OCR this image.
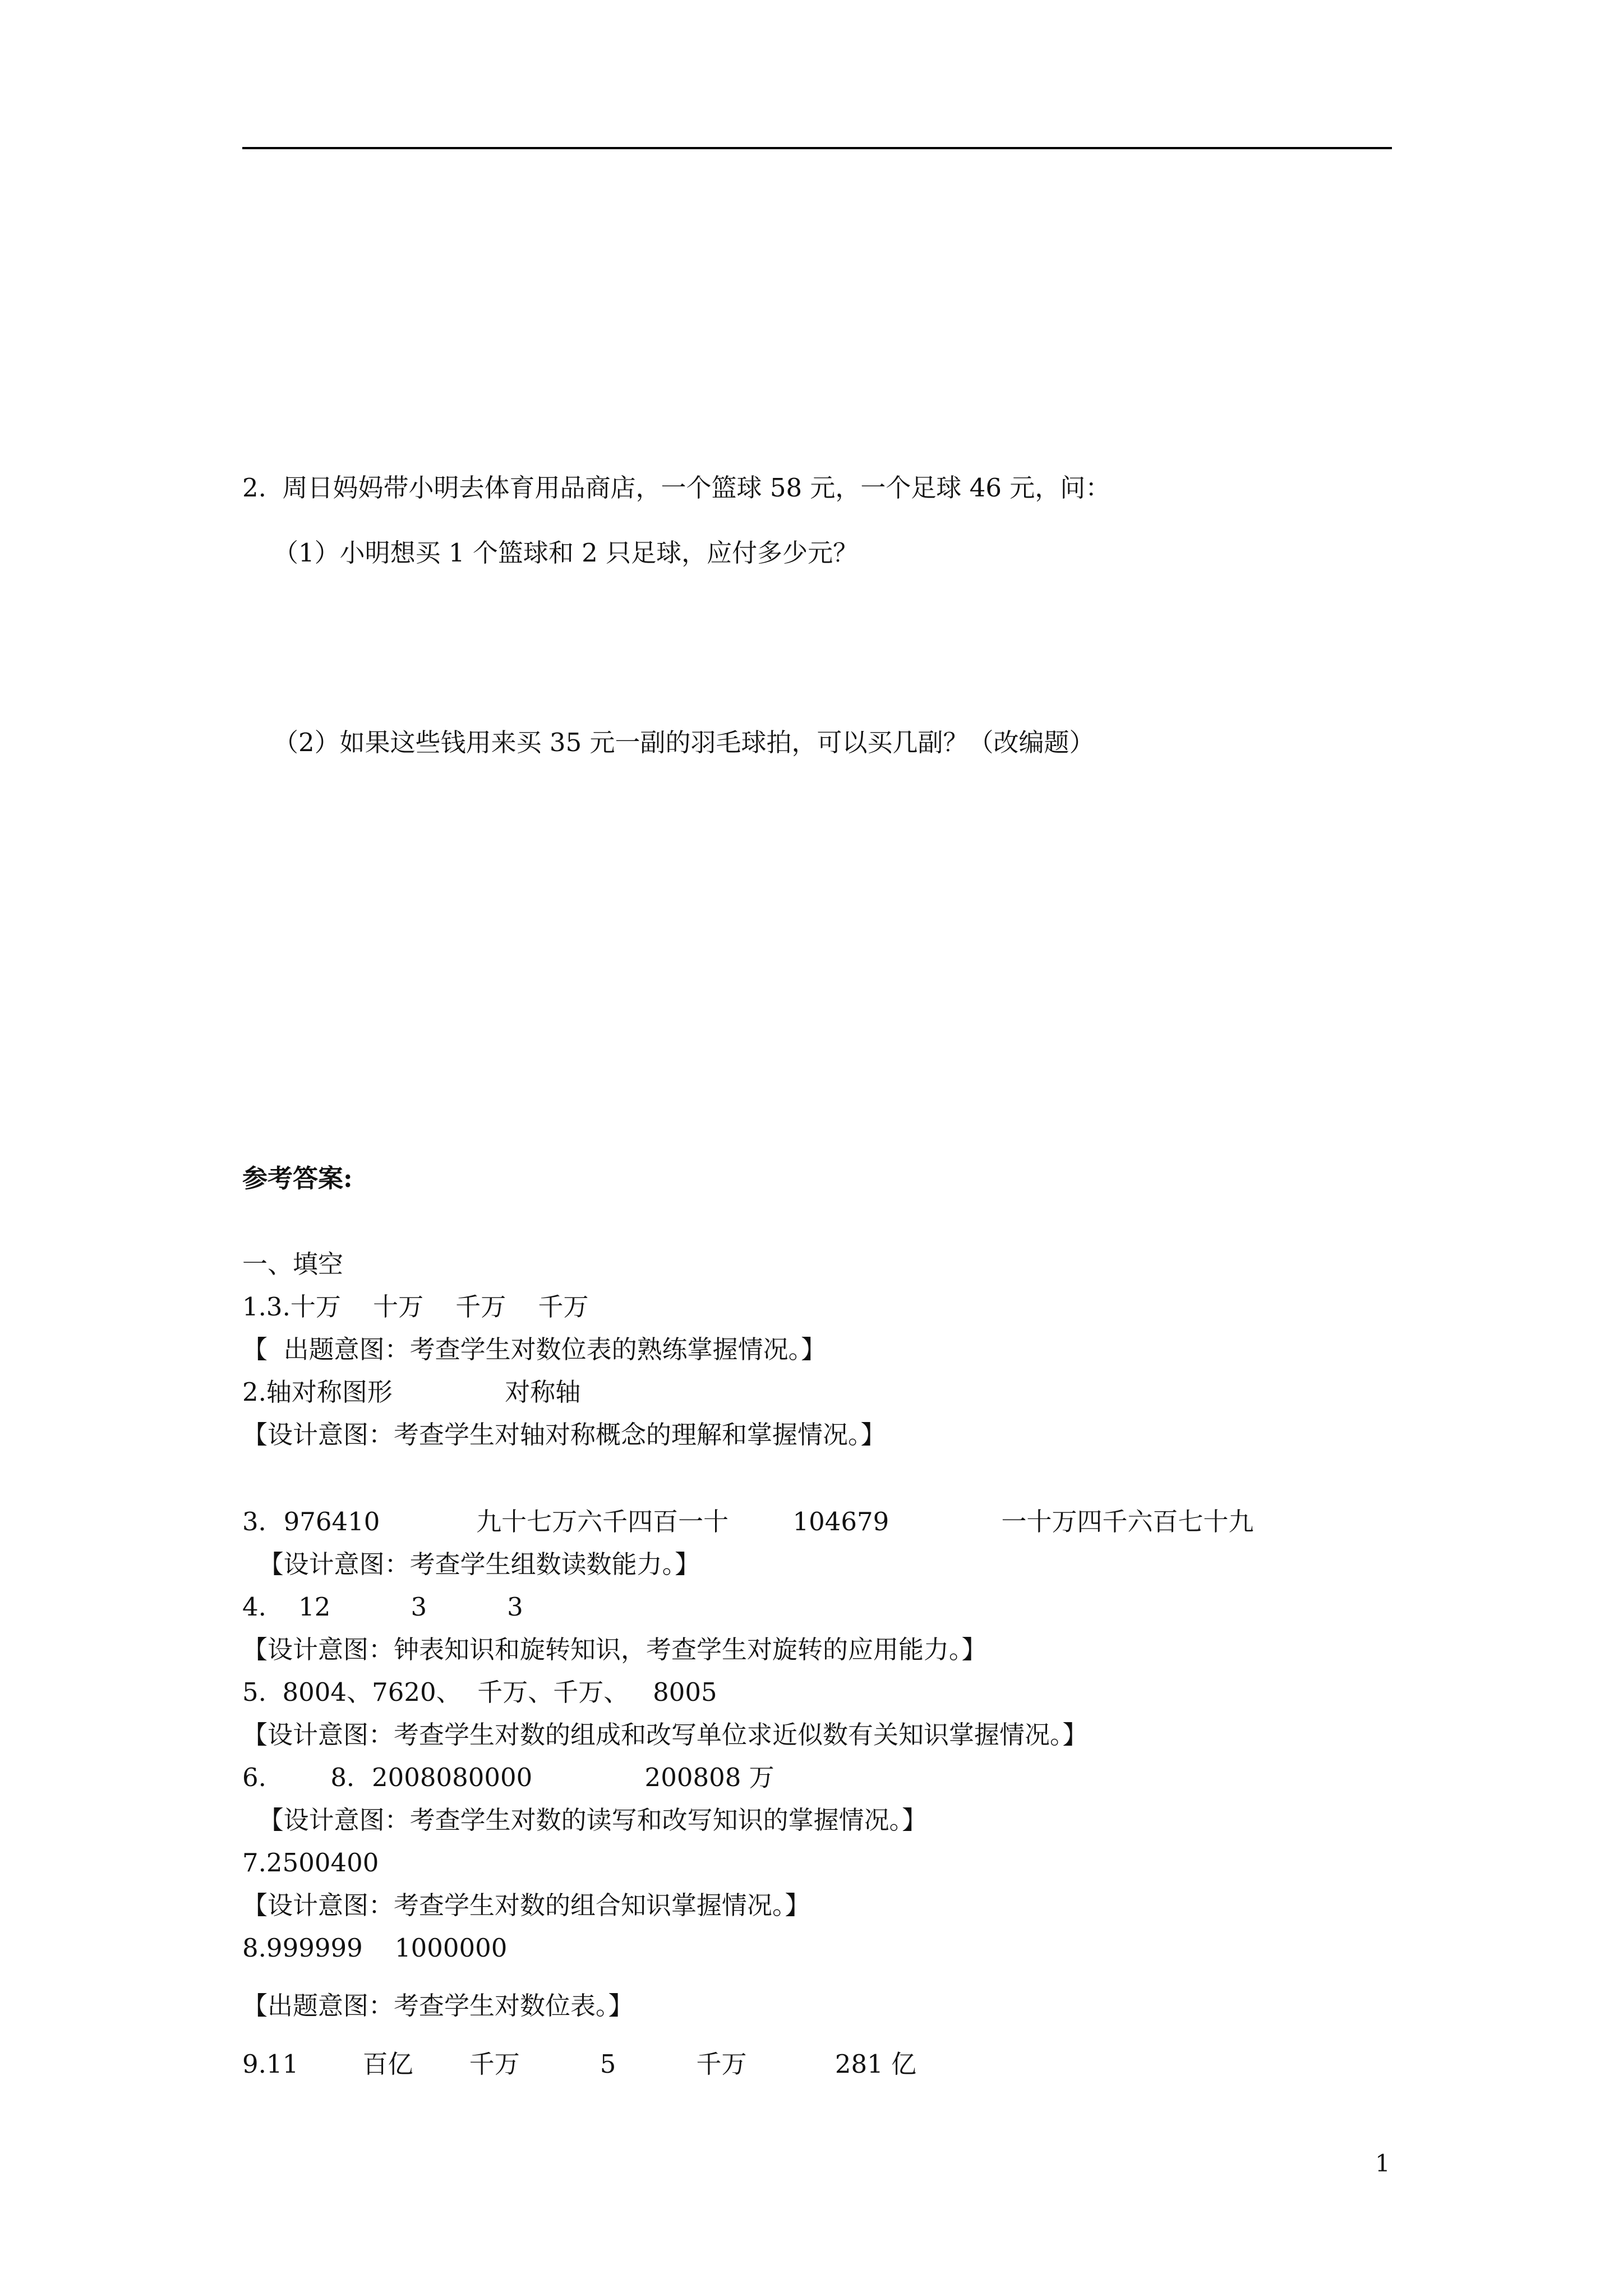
2.  周日妈妈带小明去体育用品商店，一个篮球 58 元，一个足球 46 元，问：

（1）小明想买 1 个篮球和 2 只足球，应付多少元？

（2）如果这些钱用来买 35 元一副的羽毛球拍，可以买几副？（改编题）

参考答案:

一、填空

1.3.十万    十万    千万    千万

【  出题意图：考查学生对数位表的熟练掌握情况。】

2.轴对称图形              对称轴

【设计意图：考查学生对轴对称概念的理解和掌握情况。】

3．976410            九十七万六千四百一十        104679              一十万四千六百七十九

【设计意图：考查学生组数读数能力。】

4.    12          3          3

【设计意图：钟表知识和旋转知识，考查学生对旋转的应用能力。】

5.  8004、7620、  千万、千万、   8005

【设计意图：考查学生对数的组成和改写单位求近似数有关知识掌握情况。】

6.        8．2008080000              200808 万

【设计意图：考查学生对数的读写和改写知识的掌握情况。】

7.2500400

【设计意图：考查学生对数的组合知识掌握情况。】

8.999999    1000000

【出题意图：考查学生对数位表。】

9.11        百亿       千万          5          千万           281 亿

1
